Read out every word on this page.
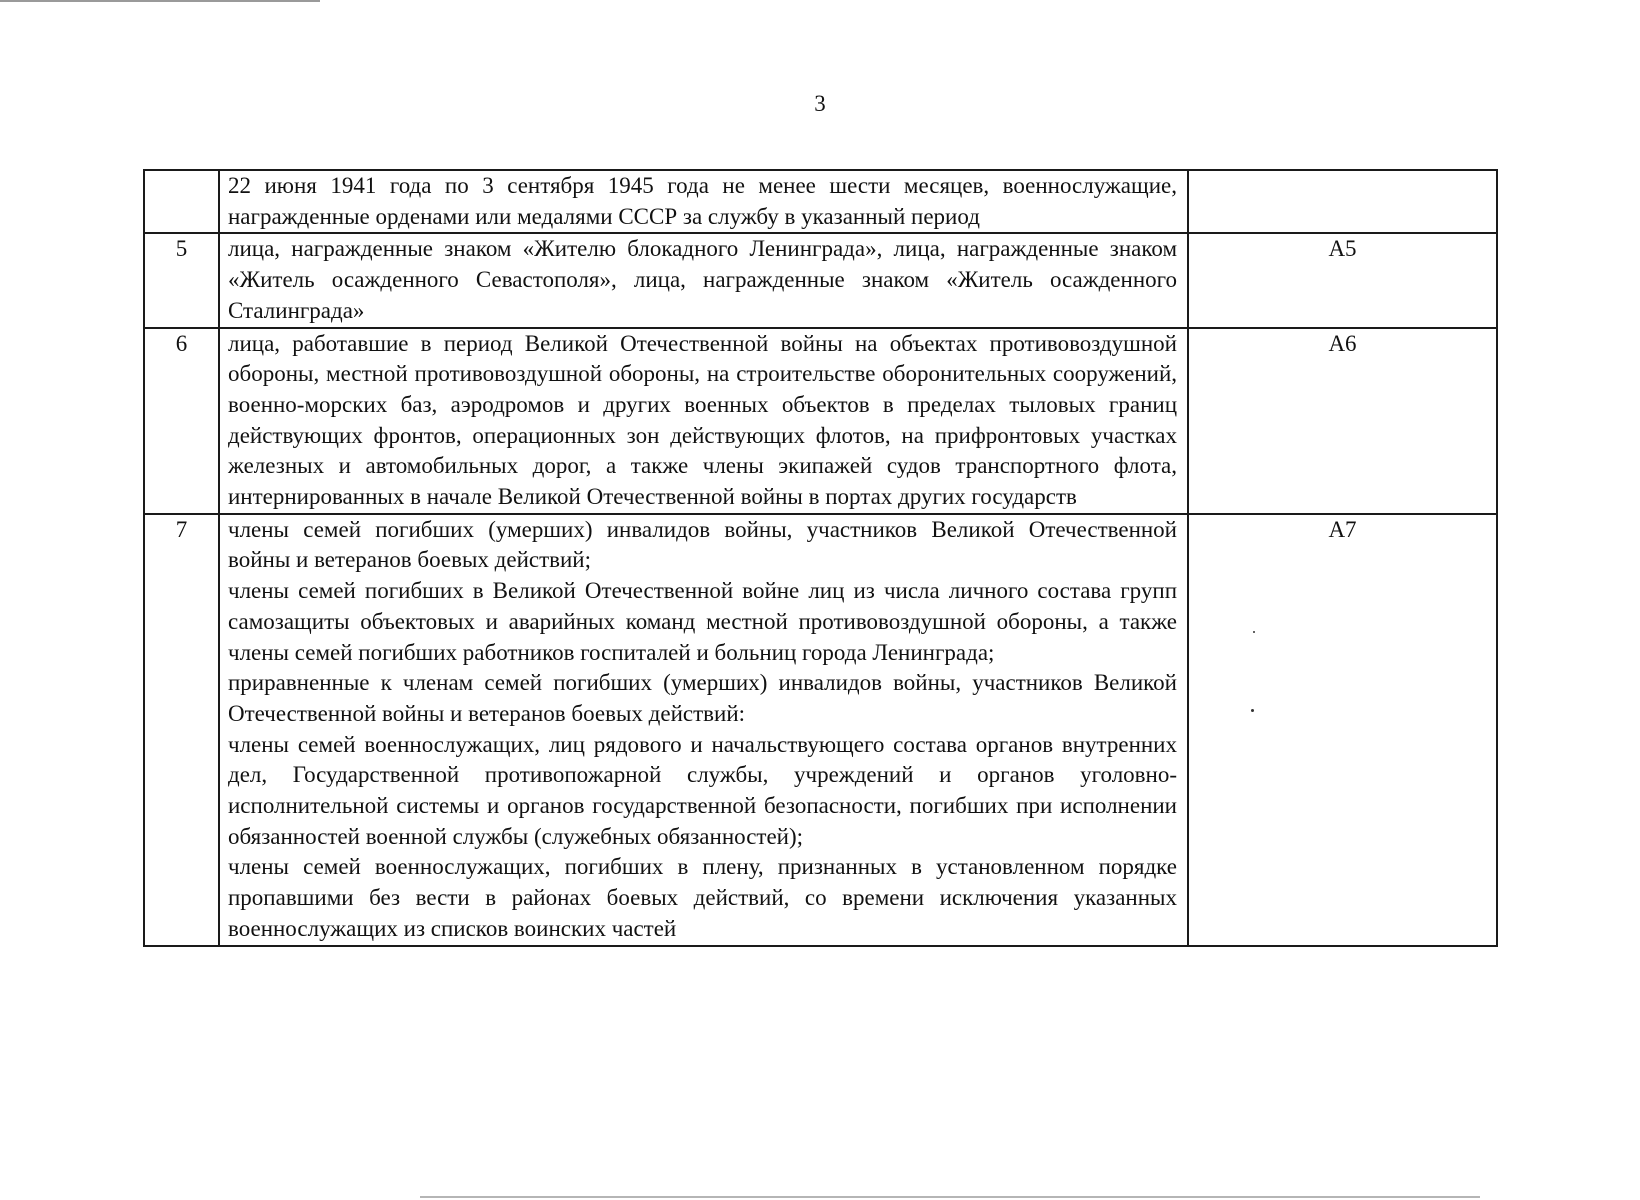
3

	22 июня 1941 года по 3 сентября 1945 года не менее шести месяцев, военнослужащие, награжденные орденами или медалями СССР за службу в указанный период	

5	лица, награжденные знаком «Жителю блокадного Ленинграда», лица, награжденные знаком «Житель осажденного Севастополя», лица, награжденные знаком «Житель осажденного Сталинграда»	А5
6	лица, работавшие в период Великой Отечественной войны на объектах противовоздушной обороны, местной противовоздушной обороны, на строительстве оборонительных сооружений, военно-морских баз, аэродромов и других военных объектов в пределах тыловых границ действующих фронтов, операционных зон действующих флотов, на прифронтовых участках железных и автомобильных дорог, а также члены экипажей судов транспортного флота, интернированных в начале Великой Отечественной войны в портах других государств	А6
7	члены семей погибших (умерших) инвалидов войны, участников Великой Отечественной войны и ветеранов боевых действий;
члены семей погибших в Великой Отечественной войне лиц из числа личного состава групп самозащиты объектовых и аварийных команд местной противовоздушной обороны, а также члены семей погибших работников госпиталей и больниц города Ленинграда;
приравненные к членам семей погибших (умерших) инвалидов войны, участников Великой Отечественной войны и ветеранов боевых действий:
члены семей военнослужащих, лиц рядового и начальствующего состава органов внутренних дел, Государственной противопожарной службы, учреждений и органов уголовно-исполнительной системы и органов государственной безопасности, погибших при исполнении обязанностей военной службы (служебных обязанностей);
члены семей военнослужащих, погибших в плену, признанных в установленном порядке пропавшими без вести в районах боевых действий, со времени исключения указанных военнослужащих из списков воинских частей	А7
